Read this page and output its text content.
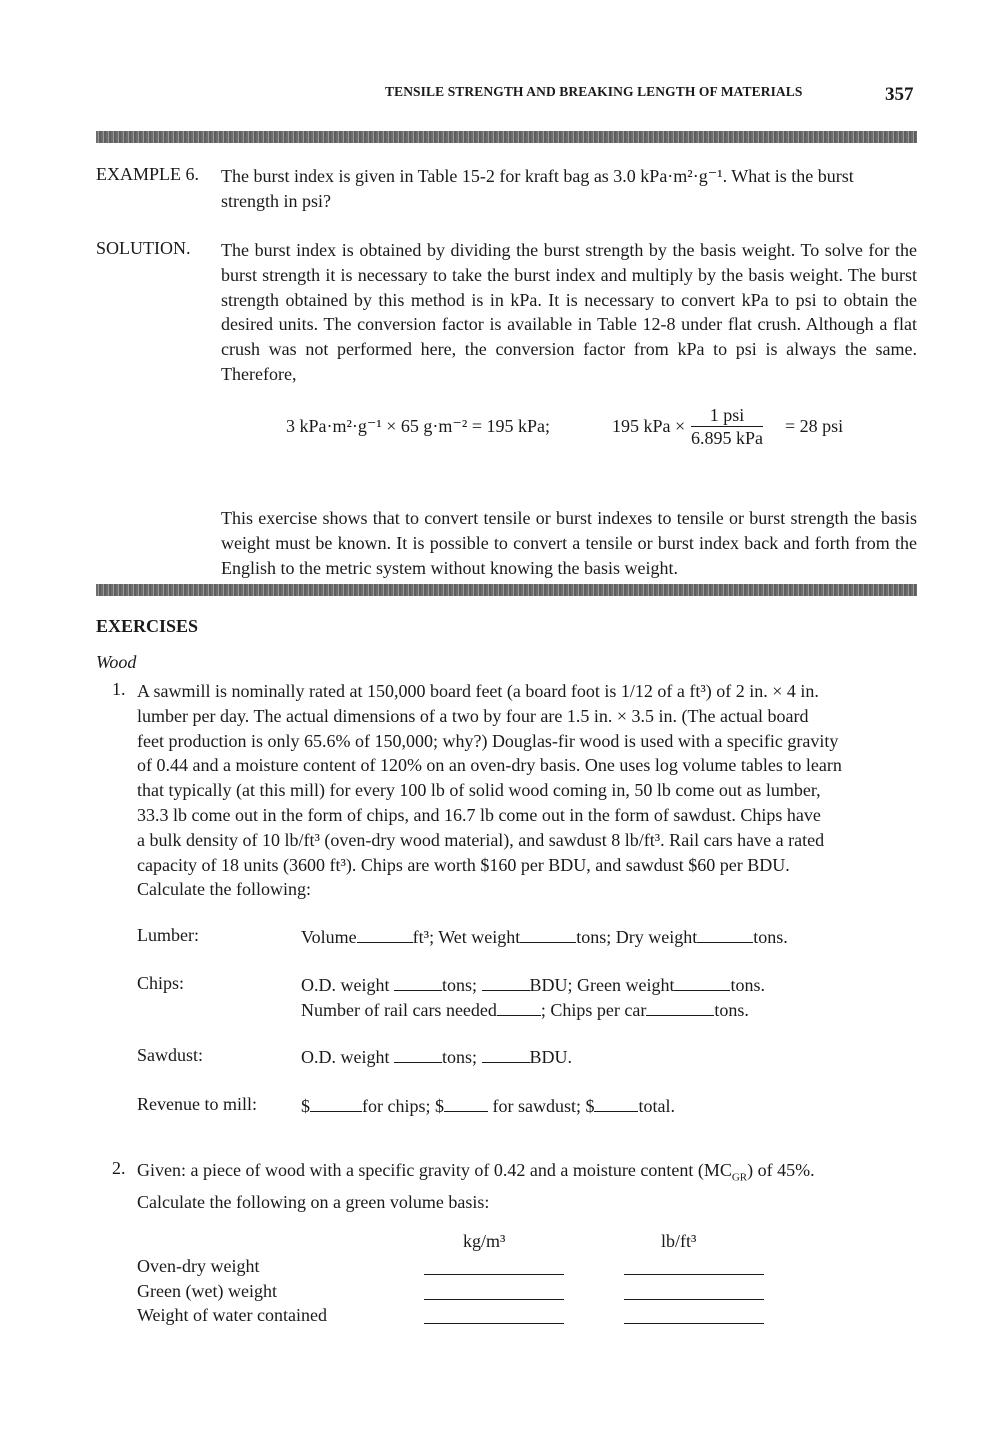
TENSILE STRENGTH AND BREAKING LENGTH OF MATERIALS	357
EXAMPLE 6. The burst index is given in Table 15-2 for kraft bag as 3.0 kPa·m²·g⁻¹. What is the burst

strength in psi?

SOLUTION. The burst index is obtained by dividing the burst strength by the basis weight. To solve for the burst strength it is necessary to take the burst index and multiply by the basis weight. The burst strength obtained by this method is in kPa. It is necessary to convert kPa to psi to obtain the desired units. The conversion factor is available in Table 12-8 under flat crush. Although a flat crush was not performed here, the conversion factor from kPa to psi is always the same. Therefore,
3 kPa·m²·g⁻¹ × 65 g·m⁻² = 195 kPa;	195 kPa ×
1 psi
6.895 kPa
= 28 psi
This exercise shows that to convert tensile or burst indexes to tensile or burst strength the basis weight must be known. It is possible to convert a tensile or burst index back and forth from the English to the metric system without knowing the basis weight.
EXERCISES
Wood
1. A sawmill is nominally rated at 150,000 board feet (a board foot is 1/12 of a ft³) of 2 in. × 4 in.
lumber per day. The actual dimensions of a two by four are 1.5 in. × 3.5 in. (The actual board
feet production is only 65.6% of 150,000; why?) Douglas-fir wood is used with a specific gravity
of 0.44 and a moisture content of 120% on an oven-dry basis. One uses log volume tables to learn
that typically (at this mill) for every 100 lb of solid wood coming in, 50 lb come out as lumber,
33.3 lb come out in the form of chips, and 16.7 lb come out in the form of sawdust. Chips have
a bulk density of 10 lb/ft³ (oven-dry wood material), and sawdust 8 lb/ft³. Rail cars have a rated
capacity of 18 units (3600 ft³). Chips are worth $160 per BDU, and sawdust $60 per BDU.
Calculate the following:
Lumber:	Volume	ft³; Wet weight	tons; Dry weight	tons.
Chips:	O.D. weight	tons;	BDU; Green weight	tons.
Number of rail cars needed ; Chips per car	tons.
Sawdust:	O.D. weight	tons;	BDU.
Revenue to mill: $	for chips; $	for sawdust; $ total.
2. Given: a piece of wood with a specific gravity of 0.42 and a moisture content $(MC_{GR})$ of 45%.
Calculate the following on a green volume basis:
kg/m³	lb/ft³
Oven-dry weight
Green (wet) weight
Weight of water contained
